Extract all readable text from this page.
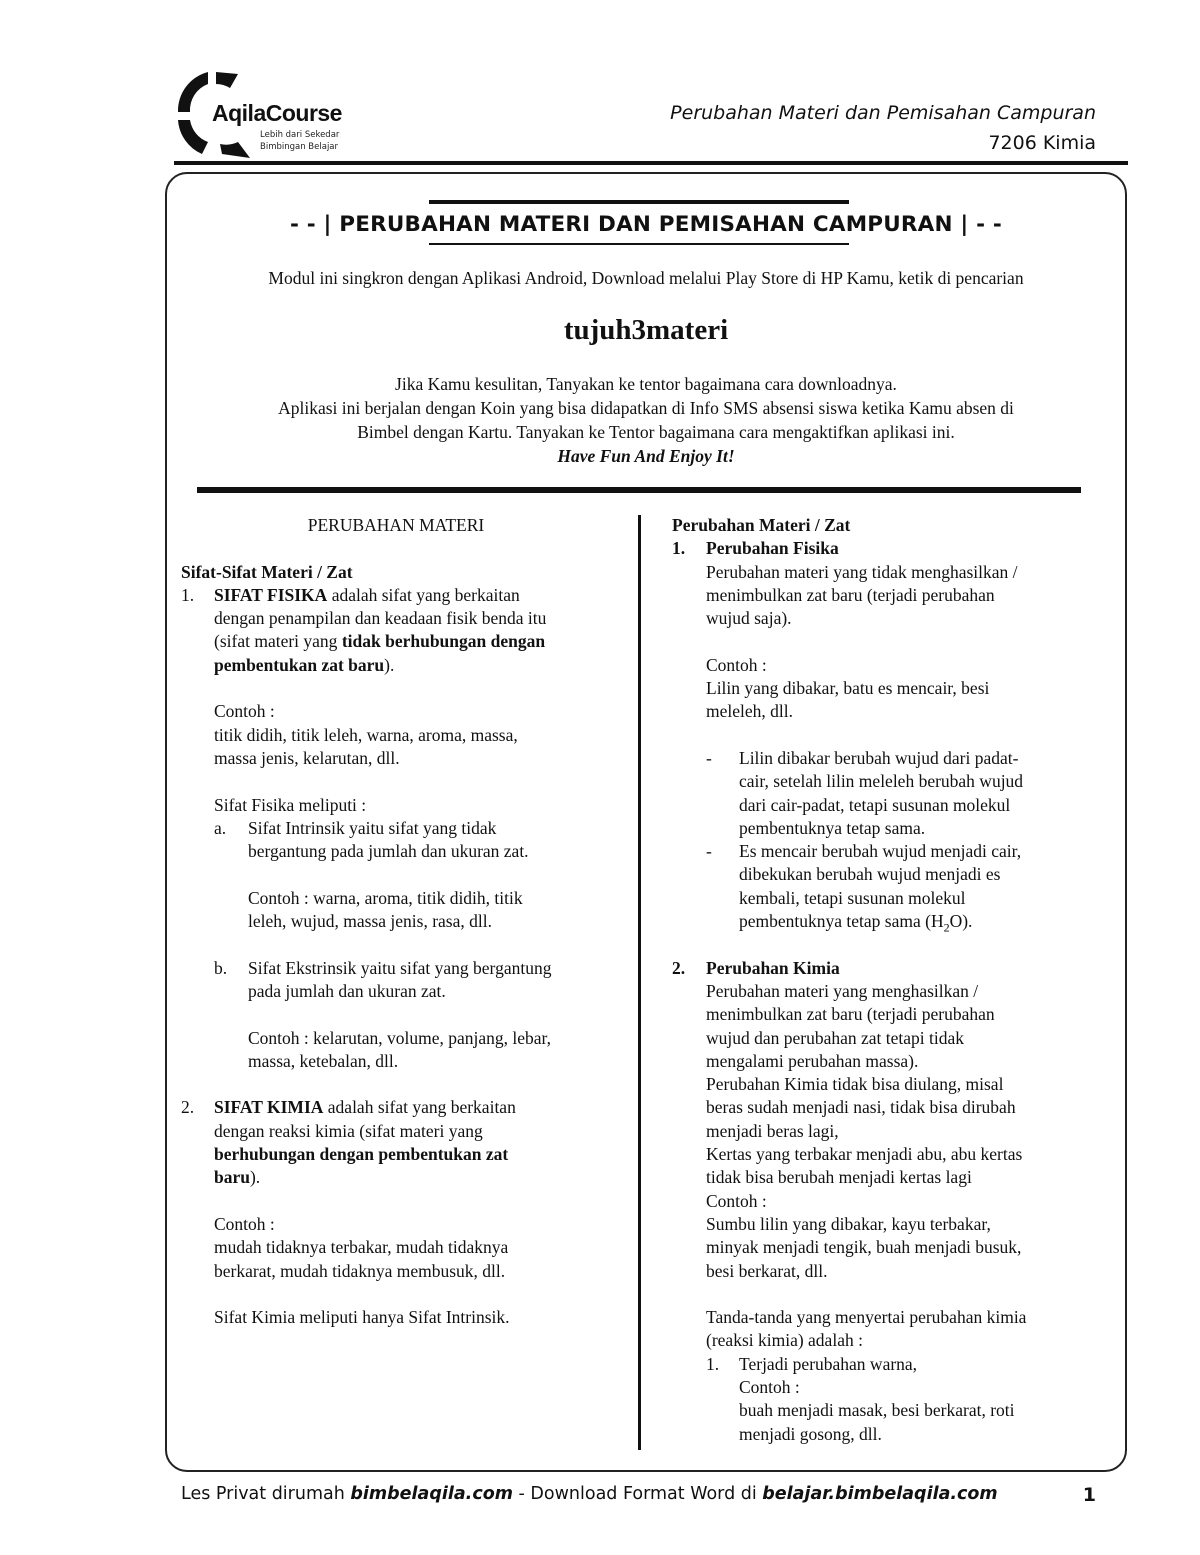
AqilaCourse
Lebih dari Sekedar
Bimbingan Belajar
Perubahan Materi dan Pemisahan Campuran
7206 Kimia
- - | PERUBAHAN MATERI DAN PEMISAHAN CAMPURAN | - -
Modul ini singkron dengan Aplikasi Android, Download melalui Play Store di HP Kamu, ketik di pencarian
tujuh3materi
Jika Kamu kesulitan, Tanyakan ke tentor bagaimana cara downloadnya.
Aplikasi ini berjalan dengan Koin yang bisa didapatkan di Info SMS absensi siswa ketika Kamu absen di
Bimbel dengan Kartu. Tanyakan ke Tentor bagaimana cara mengaktifkan aplikasi ini.
Have Fun And Enjoy It!
PERUBAHAN MATERI
Sifat-Sifat Materi / Zat
1. SIFAT FISIKA adalah sifat yang berkaitan
dengan penampilan dan keadaan fisik benda itu
(sifat materi yang tidak berhubungan dengan
pembentukan zat baru).
Contoh :
titik didih, titik leleh, warna, aroma, massa,
massa jenis, kelarutan, dll.
Sifat Fisika meliputi :
a. Sifat Intrinsik yaitu sifat yang tidak
bergantung pada jumlah dan ukuran zat.
Contoh : warna, aroma, titik didih, titik
leleh, wujud, massa jenis, rasa, dll.
b. Sifat Ekstrinsik yaitu sifat yang bergantung
pada jumlah dan ukuran zat.
Contoh : kelarutan, volume, panjang, lebar,
massa, ketebalan, dll.
2. SIFAT KIMIA adalah sifat yang berkaitan
dengan reaksi kimia (sifat materi yang
berhubungan dengan pembentukan zat
baru).
Contoh :
mudah tidaknya terbakar, mudah tidaknya
berkarat, mudah tidaknya membusuk, dll.
Sifat Kimia meliputi hanya Sifat Intrinsik.
Perubahan Materi / Zat
1. Perubahan Fisika
Perubahan materi yang tidak menghasilkan /
menimbulkan zat baru (terjadi perubahan
wujud saja).
Contoh :
Lilin yang dibakar, batu es mencair, besi
meleleh, dll.
- Lilin dibakar berubah wujud dari padat-
cair, setelah lilin meleleh berubah wujud
dari cair-padat, tetapi susunan molekul
pembentuknya tetap sama.
- Es mencair berubah wujud menjadi cair,
dibekukan berubah wujud menjadi es
kembali, tetapi susunan molekul
pembentuknya tetap sama $(H_2O)$.
2. Perubahan Kimia
Perubahan materi yang menghasilkan /
menimbulkan zat baru (terjadi perubahan
wujud dan perubahan zat tetapi tidak
mengalami perubahan massa).
Perubahan Kimia tidak bisa diulang, misal
beras sudah menjadi nasi, tidak bisa dirubah
menjadi beras lagi,
Kertas yang terbakar menjadi abu, abu kertas
tidak bisa berubah menjadi kertas lagi
Contoh :
Sumbu lilin yang dibakar, kayu terbakar,
minyak menjadi tengik, buah menjadi busuk,
besi berkarat, dll.
Tanda-tanda yang menyertai perubahan kimia
(reaksi kimia) adalah :
1. Terjadi perubahan warna,
Contoh :
buah menjadi masak, besi berkarat, roti
menjadi gosong, dll.
Les Privat dirumah bimbelaqila.com - Download Format Word di belajar.bimbelaqila.com	1
